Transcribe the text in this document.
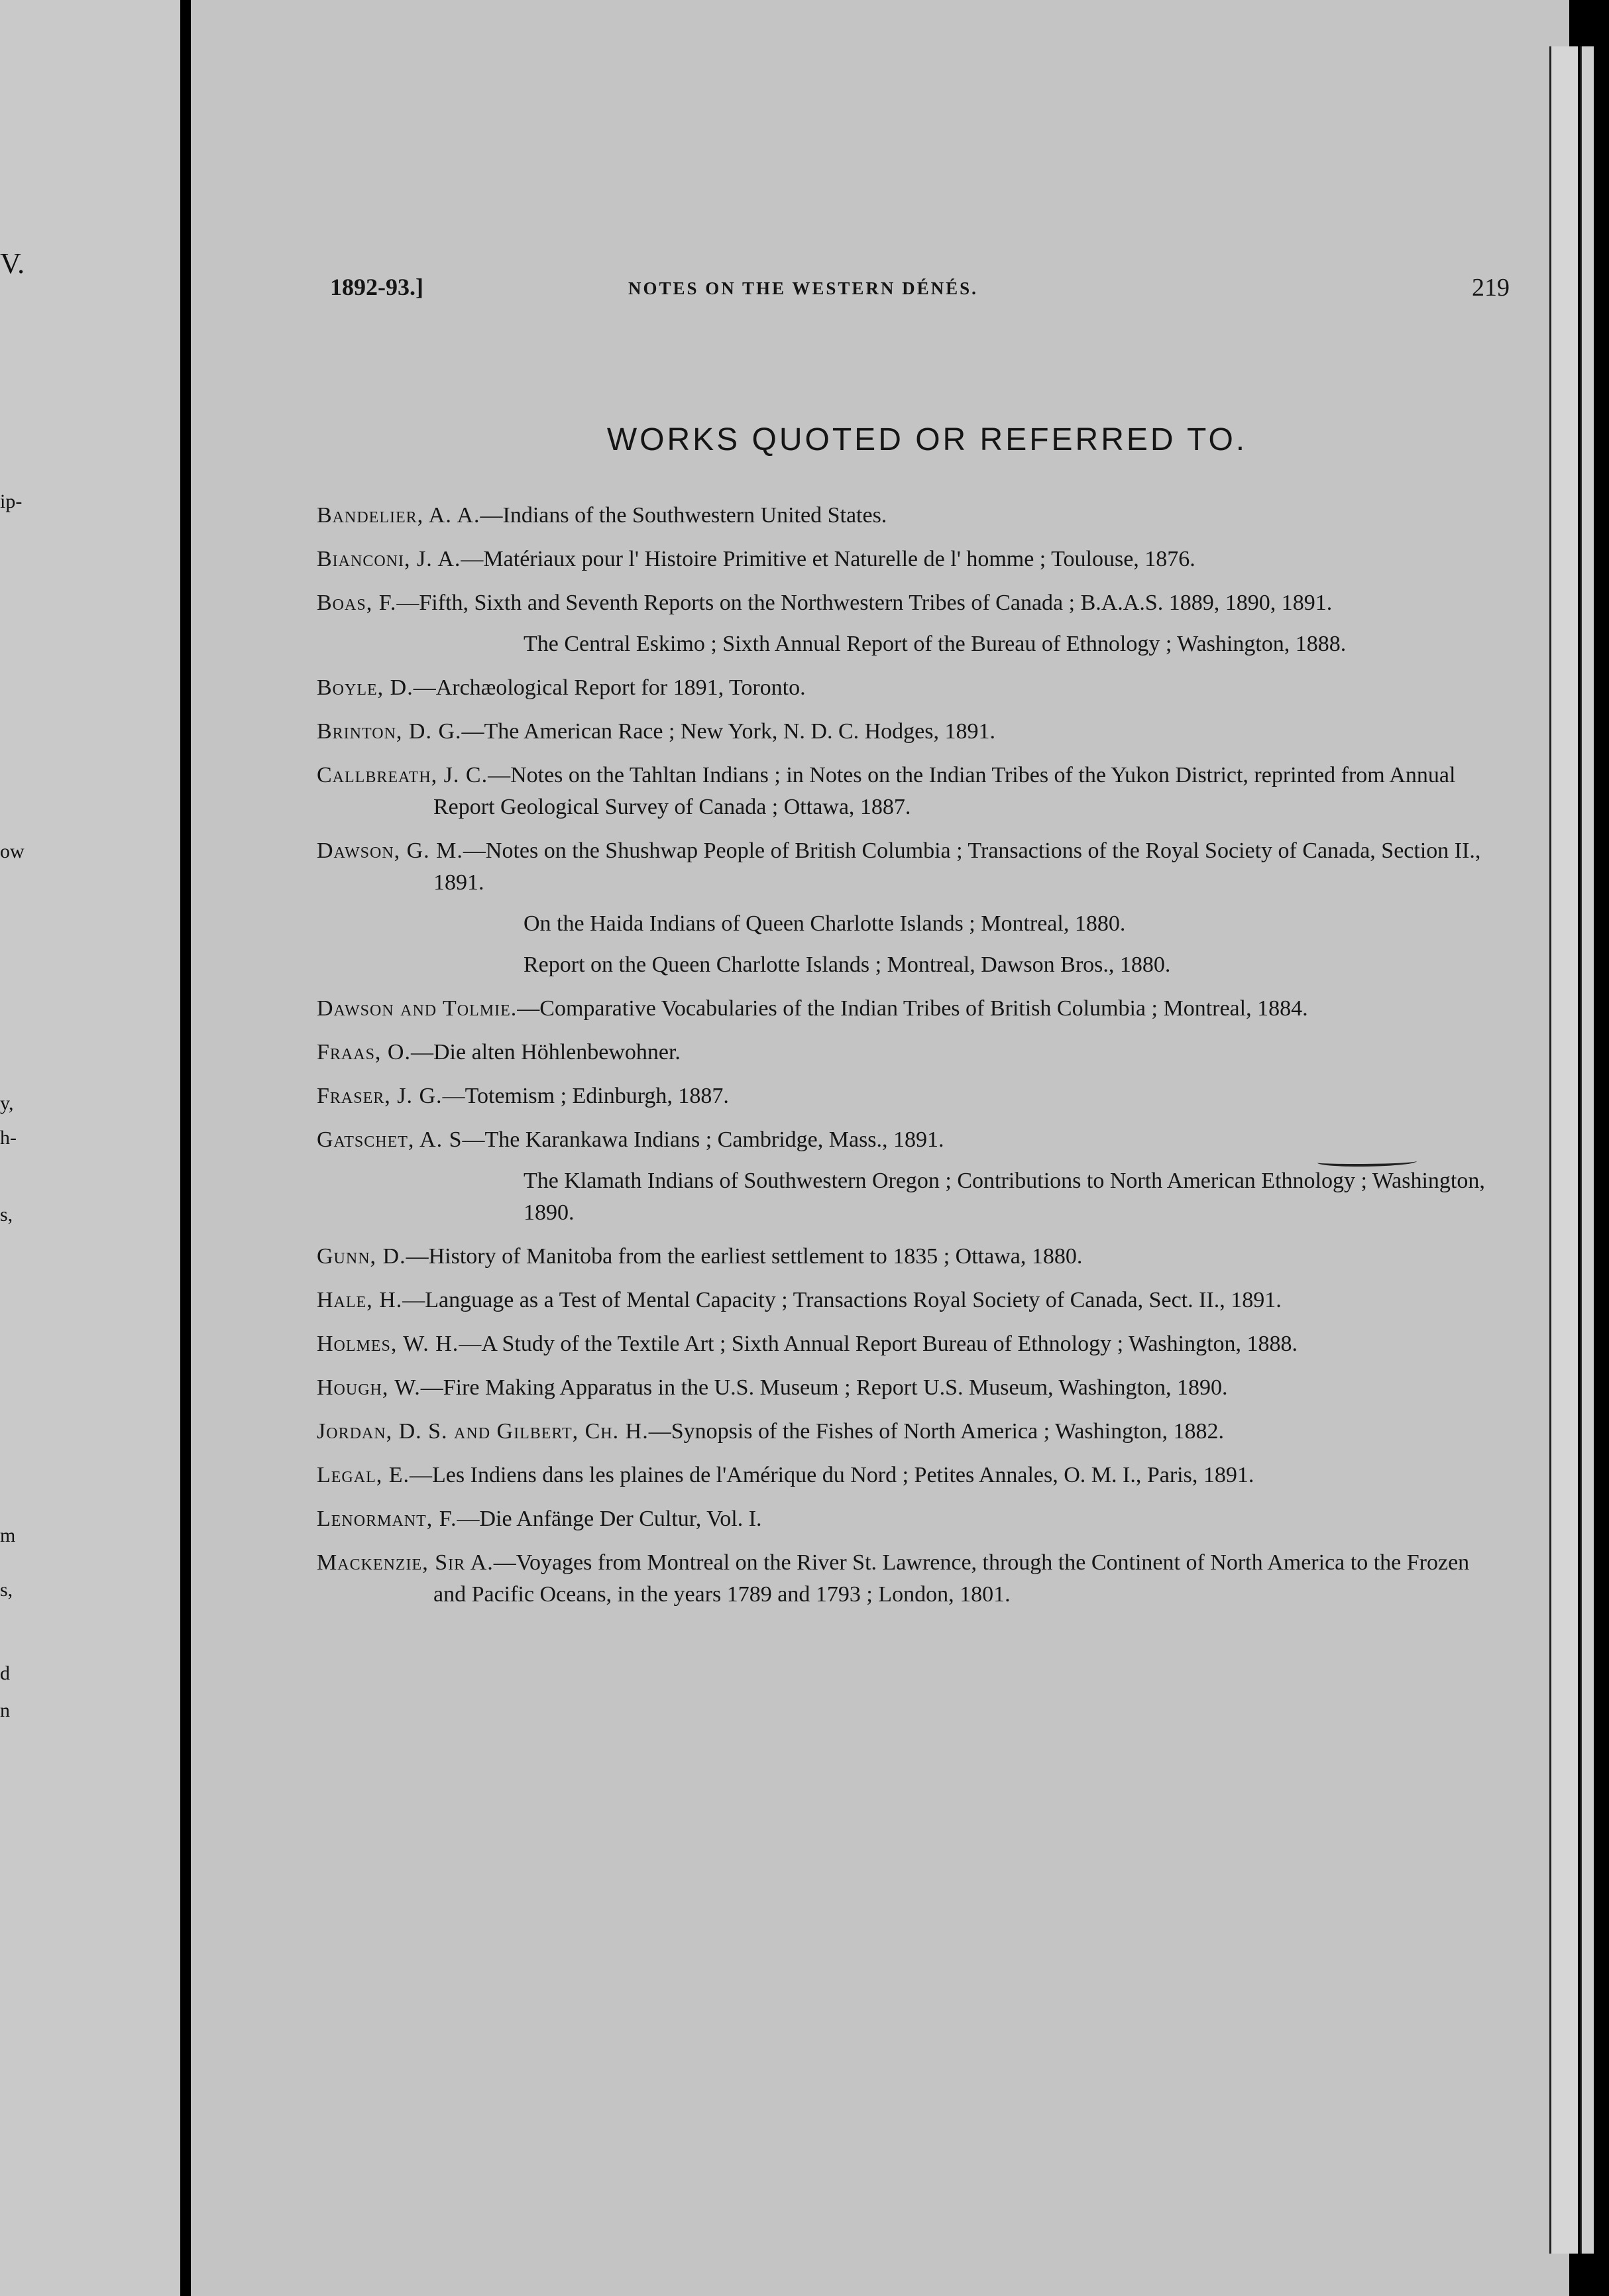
V.
ip-
ow
y,
h-
s,
m
s,
d
n
1892-93.]	NOTES ON THE WESTERN DÉNÉS.	219
WORKS QUOTED OR REFERRED TO.
Bandelier, A. A.—Indians of the Southwestern United States.
Bianconi, J. A.—Matériaux pour l' Histoire Primitive et Naturelle de l' homme ; Toulouse, 1876.
Boas, F.—Fifth, Sixth and Seventh Reports on the Northwestern Tribes of Canada ; B.A.A.S. 1889, 1890, 1891.
The Central Eskimo ; Sixth Annual Report of the Bureau of Ethnology ; Washington, 1888.
Boyle, D.—Archæological Report for 1891, Toronto.
Brinton, D. G.—The American Race ; New York, N. D. C. Hodges, 1891.
Callbreath, J. C.—Notes on the Tahltan Indians ; in Notes on the Indian Tribes of the Yukon District, reprinted from Annual Report Geological Survey of Canada ; Ottawa, 1887.
Dawson, G. M.—Notes on the Shushwap People of British Columbia ; Transactions of the Royal Society of Canada, Section II., 1891.
On the Haida Indians of Queen Charlotte Islands ; Montreal, 1880.
Report on the Queen Charlotte Islands ; Montreal, Dawson Bros., 1880.
Dawson and Tolmie.—Comparative Vocabularies of the Indian Tribes of British Columbia ; Montreal, 1884.
Fraas, O.—Die alten Höhlenbewohner.
Fraser, J. G.—Totemism ; Edinburgh, 1887.
Gatschet, A. S—The Karankawa Indians ; Cambridge, Mass., 1891.
The Klamath Indians of Southwestern Oregon ; Contributions to North American Ethnology ; Washington, 1890.
Gunn, D.—History of Manitoba from the earliest settlement to 1835 ; Ottawa, 1880.
Hale, H.—Language as a Test of Mental Capacity ; Transactions Royal Society of Canada, Sect. II., 1891.
Holmes, W. H.—A Study of the Textile Art ; Sixth Annual Report Bureau of Ethnology ; Washington, 1888.
Hough, W.—Fire Making Apparatus in the U.S. Museum ; Report U.S. Museum, Washington, 1890.
Jordan, D. S. and Gilbert, Ch. H.—Synopsis of the Fishes of North America ; Washington, 1882.
Legal, E.—Les Indiens dans les plaines de l'Amérique du Nord ; Petites Annales, O. M. I., Paris, 1891.
Lenormant, F.—Die Anfänge Der Cultur, Vol. I.
Mackenzie, Sir A.—Voyages from Montreal on the River St. Lawrence, through the Continent of North America to the Frozen and Pacific Oceans, in the years 1789 and 1793 ; London, 1801.
